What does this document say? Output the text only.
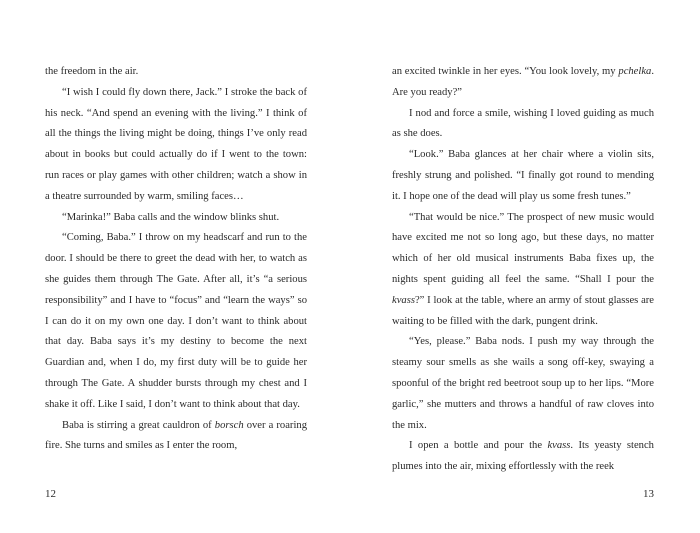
the freedom in the air.

“I wish I could fly down there, Jack.” I stroke the back of his neck. “And spend an evening with the living.” I think of all the things the living might be doing, things I’ve only read about in books but could actually do if I went to the town: run races or play games with other children; watch a show in a theatre surrounded by warm, smiling faces…

“Marinka!” Baba calls and the window blinks shut.

“Coming, Baba.” I throw on my headscarf and run to the door. I should be there to greet the dead with her, to watch as she guides them through The Gate. After all, it’s “a serious responsibility” and I have to “focus” and “learn the ways” so I can do it on my own one day. I don’t want to think about that day. Baba says it’s my destiny to become the next Guardian and, when I do, my first duty will be to guide her through The Gate. A shudder bursts through my chest and I shake it off. Like I said, I don’t want to think about that day.

Baba is stirring a great cauldron of borsch over a roaring fire. She turns and smiles as I enter the room,

12

an excited twinkle in her eyes. “You look lovely, my pchelka. Are you ready?”

I nod and force a smile, wishing I loved guiding as much as she does.

“Look.” Baba glances at her chair where a violin sits, freshly strung and polished. “I finally got round to mending it. I hope one of the dead will play us some fresh tunes.”

“That would be nice.” The prospect of new music would have excited me not so long ago, but these days, no matter which of her old musical instruments Baba fixes up, the nights spent guiding all feel the same. “Shall I pour the kvass?” I look at the table, where an army of stout glasses are waiting to be filled with the dark, pungent drink.

“Yes, please.” Baba nods. I push my way through the steamy sour smells as she wails a song off-key, swaying a spoonful of the bright red beetroot soup up to her lips. “More garlic,” she mutters and throws a handful of raw cloves into the mix.

I open a bottle and pour the kvass. Its yeasty stench plumes into the air, mixing effortlessly with the reek

13
